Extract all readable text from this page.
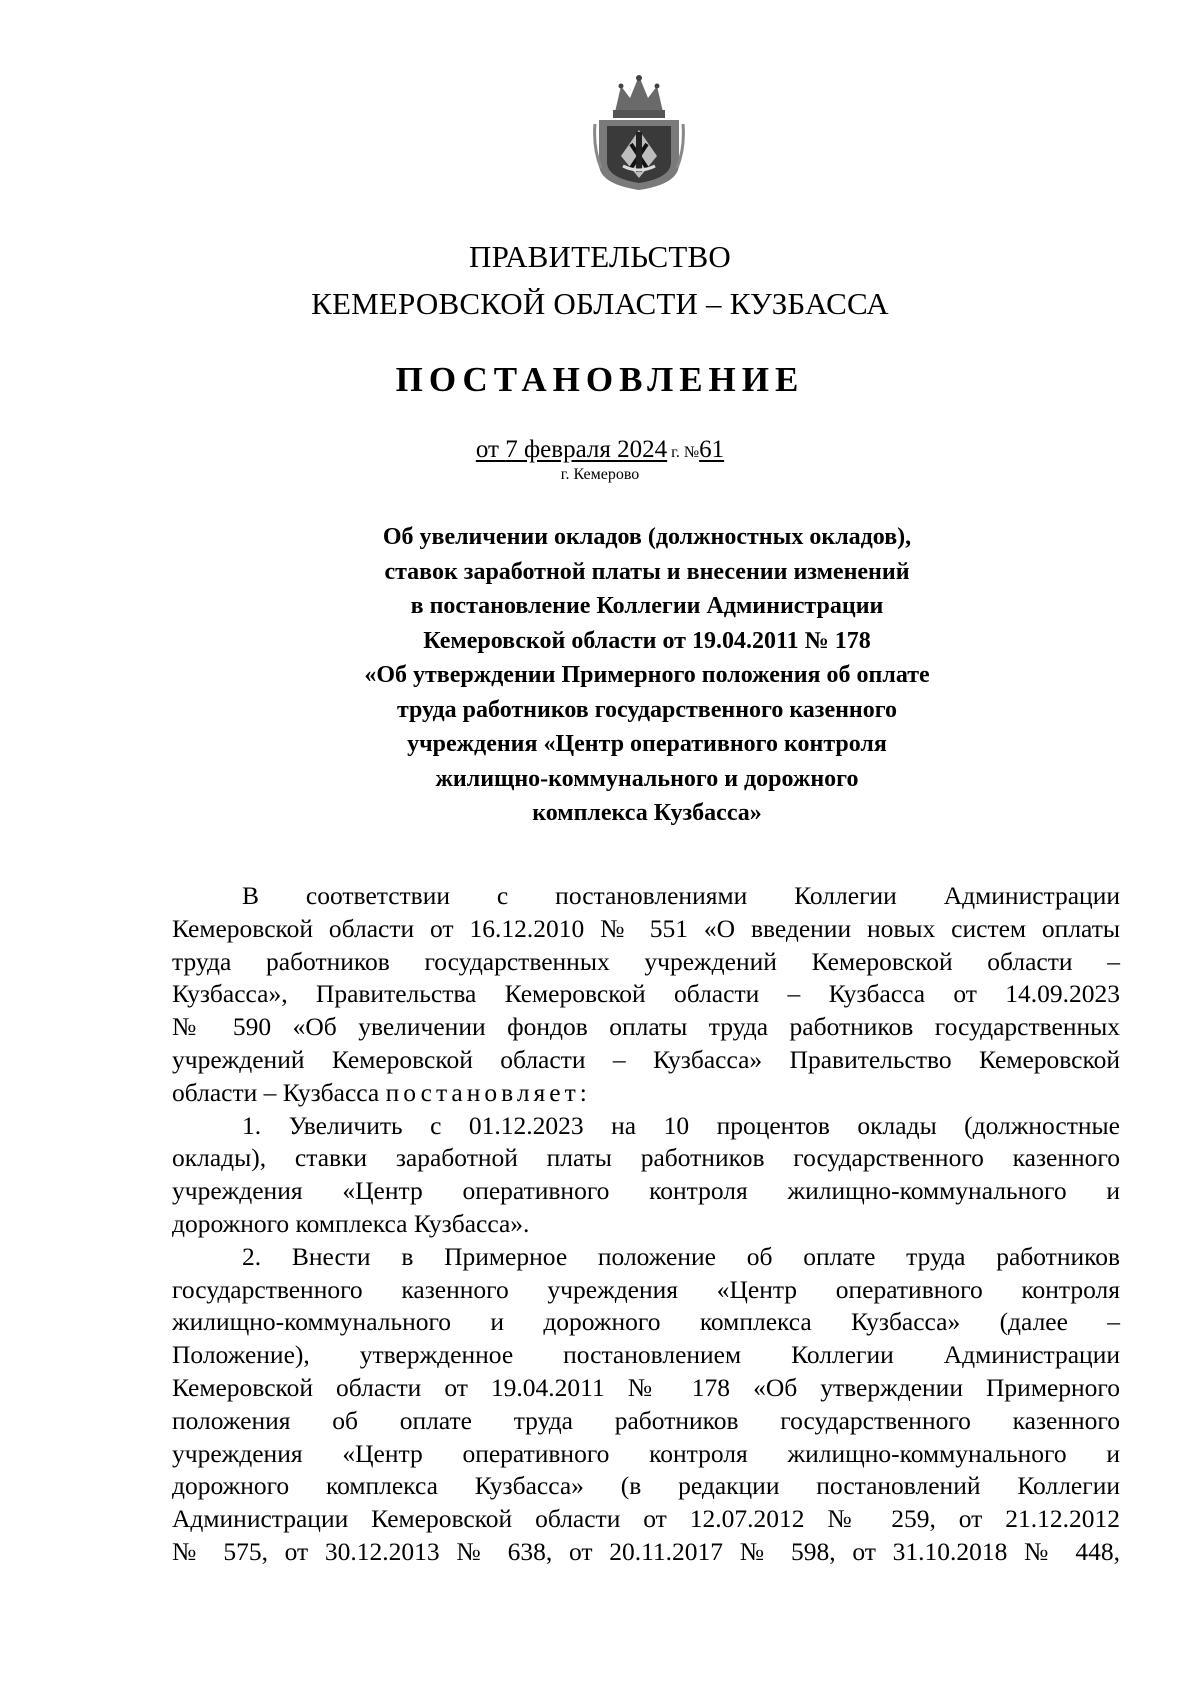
ПРАВИТЕЛЬСТВО
КЕМЕРОВСКОЙ ОБЛАСТИ – КУЗБАССА
ПОСТАНОВЛЕНИЕ
от 7 февраля 2024 г. №61
г. Кемерово
Об увеличении окладов (должностных окладов),
ставок заработной платы и внесении изменений
в постановление Коллегии Администрации
Кемеровской области от 19.04.2011 № 178
«Об утверждении Примерного положения об оплате
труда работников государственного казенного
учреждения «Центр оперативного контроля
жилищно-коммунального и дорожного
комплекса Кузбасса»
В соответствии с постановлениями Коллегии Администрации
Кемеровской области от 16.12.2010 № 551 «О введении новых систем оплаты
труда работников государственных учреждений Кемеровской области –
Кузбасса», Правительства Кемеровской области – Кузбасса от 14.09.2023
№ 590 «Об увеличении фондов оплаты труда работников государственных
учреждений Кемеровской области – Кузбасса» Правительство Кемеровской
области – Кузбасса постановляет:
1. Увеличить с 01.12.2023 на 10 процентов оклады (должностные
оклады), ставки заработной платы работников государственного казенного
учреждения «Центр оперативного контроля жилищно-коммунального и
дорожного комплекса Кузбасса».
2. Внести в Примерное положение об оплате труда работников
государственного казенного учреждения «Центр оперативного контроля
жилищно-коммунального и дорожного комплекса Кузбасса» (далее –
Положение), утвержденное постановлением Коллегии Администрации
Кемеровской области от 19.04.2011 № 178 «Об утверждении Примерного
положения об оплате труда работников государственного казенного
учреждения «Центр оперативного контроля жилищно-коммунального и
дорожного комплекса Кузбасса» (в редакции постановлений Коллегии
Администрации Кемеровской области от 12.07.2012 № 259, от 21.12.2012
№ 575, от 30.12.2013 № 638, от 20.11.2017 № 598, от 31.10.2018 № 448,
